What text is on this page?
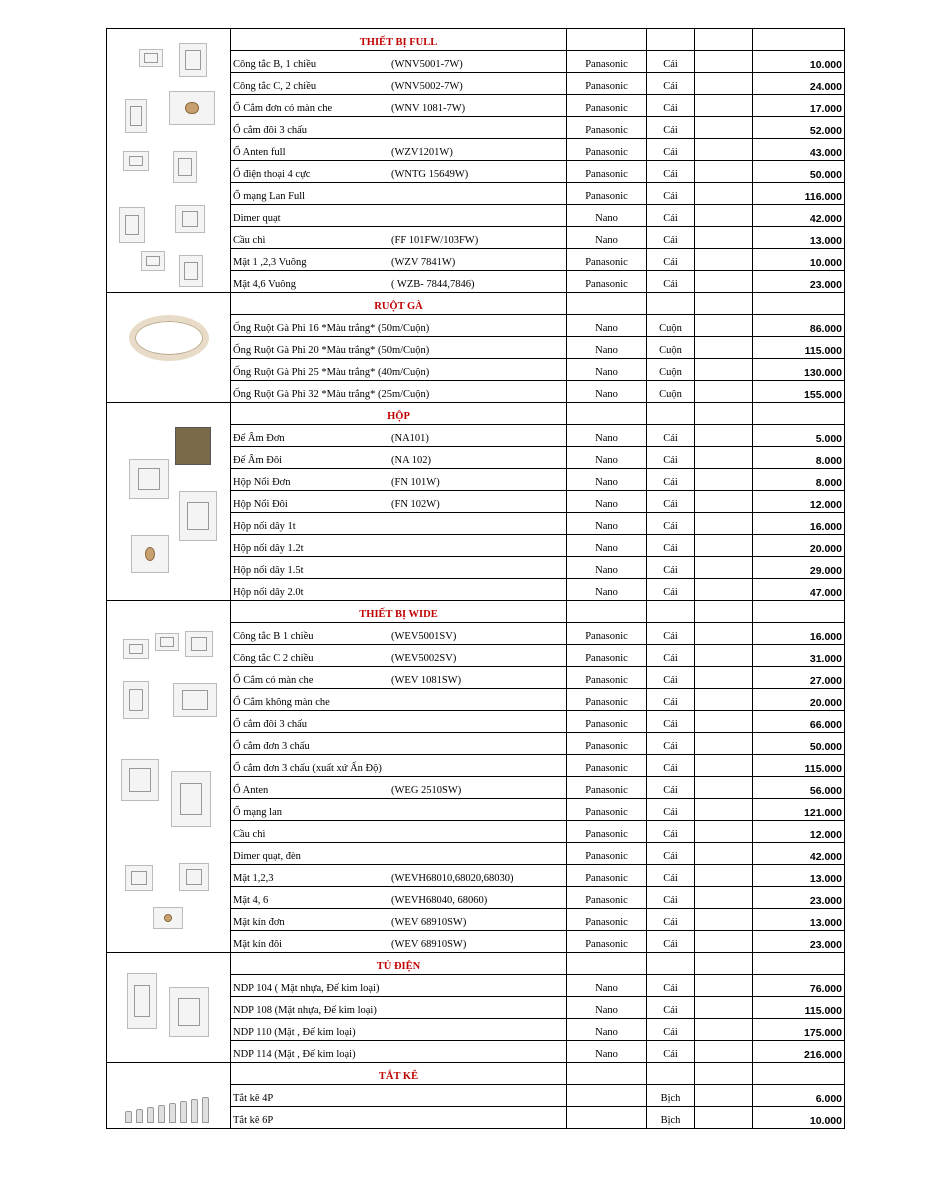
	THIẾT BỊ FULL				
	Công tắc B, 1 chiều (WNV5001-7W)	Panasonic	Cái		10.000
	Công tắc C, 2 chiều (WNV5002-7W)	Panasonic	Cái		24.000
	Ổ Cắm đơn có màn che (WNV 1081-7W)	Panasonic	Cái		17.000
	Ổ cắm đôi 3 chấu	Panasonic	Cái		52.000
	Ổ Anten full (WZV1201W)	Panasonic	Cái		43.000
	Ổ điện thoại 4 cực (WNTG 15649W)	Panasonic	Cái		50.000
	Ổ mạng Lan Full	Panasonic	Cái		116.000
	Dimer quạt	Nano	Cái		42.000
	Cầu chì (FF 101FW/103FW)	Nano	Cái		13.000
	Mặt 1 ,2,3 Vuông (WZV 7841W)	Panasonic	Cái		10.000
	Mặt 4,6 Vuông ( WZB- 7844,7846)	Panasonic	Cái		23.000

	RUỘT GÀ				
	Ống Ruột Gà Phi 16 *Màu trắng* (50m/Cuộn)	Nano	Cuộn		86.000
	Ống Ruột Gà Phi 20 *Màu trắng* (50m/Cuộn)	Nano	Cuộn		115.000
	Ống Ruột Gà Phi 25 *Màu trắng* (40m/Cuộn)	Nano	Cuộn		130.000
	Ống Ruột Gà Phi 32 *Màu trắng* (25m/Cuộn)	Nano	Cuộn		155.000

	HỘP				
	Đế Âm Đơn (NA101)	Nano	Cái		5.000
	Đế Âm Đôi (NA 102)	Nano	Cái		8.000
	Hộp Nổi Đơn (FN 101W)	Nano	Cái		8.000
	Hộp Nổi Đôi (FN 102W)	Nano	Cái		12.000
	Hộp nối dây 1t	Nano	Cái		16.000
	Hộp nối dây 1.2t	Nano	Cái		20.000
	Hộp nối dây 1.5t	Nano	Cái		29.000
	Hộp nối dây 2.0t	Nano	Cái		47.000

	THIẾT BỊ WIDE				
	Công tắc B 1 chiều (WEV5001SV)	Panasonic	Cái		16.000
	Công tắc C 2 chiều (WEV5002SV)	Panasonic	Cái		31.000
	Ổ Cắm có màn che (WEV 1081SW)	Panasonic	Cái		27.000
	Ổ Cắm không màn che	Panasonic	Cái		20.000
	Ổ cắm đôi 3 chấu	Panasonic	Cái		66.000
	Ổ cắm đơn 3 chấu	Panasonic	Cái		50.000
	Ổ cắm đơn 3 chấu (xuất xứ Ấn Độ)	Panasonic	Cái		115.000
	Ổ Anten (WEG 2510SW)	Panasonic	Cái		56.000
	Ổ mạng lan	Panasonic	Cái		121.000
	Cầu chì	Panasonic	Cái		12.000
	Dimer quạt, đèn	Panasonic	Cái		42.000
	Mặt 1,2,3 (WEVH68010,68020,68030)	Panasonic	Cái		13.000
	Mặt 4, 6 (WEVH68040, 68060)	Panasonic	Cái		23.000
	Mặt kín đơn (WEV 68910SW)	Panasonic	Cái		13.000
	Mặt kín đôi (WEV 68910SW)	Panasonic	Cái		23.000

	TỦ ĐIỆN				
	NDP 104 ( Mặt nhựa, Đế kim loại)	Nano	Cái		76.000
	NDP 108 (Mặt nhựa, Đế kim loại)	Nano	Cái		115.000
	NDP 110 (Mặt , Đế kim loại)	Nano	Cái		175.000
	NDP 114 (Mặt , Đế kim loại)	Nano	Cái		216.000

	TẮT KÊ				
	Tắt kê 4P		Bịch		6.000
	Tắt kê 6P		Bịch		10.000
